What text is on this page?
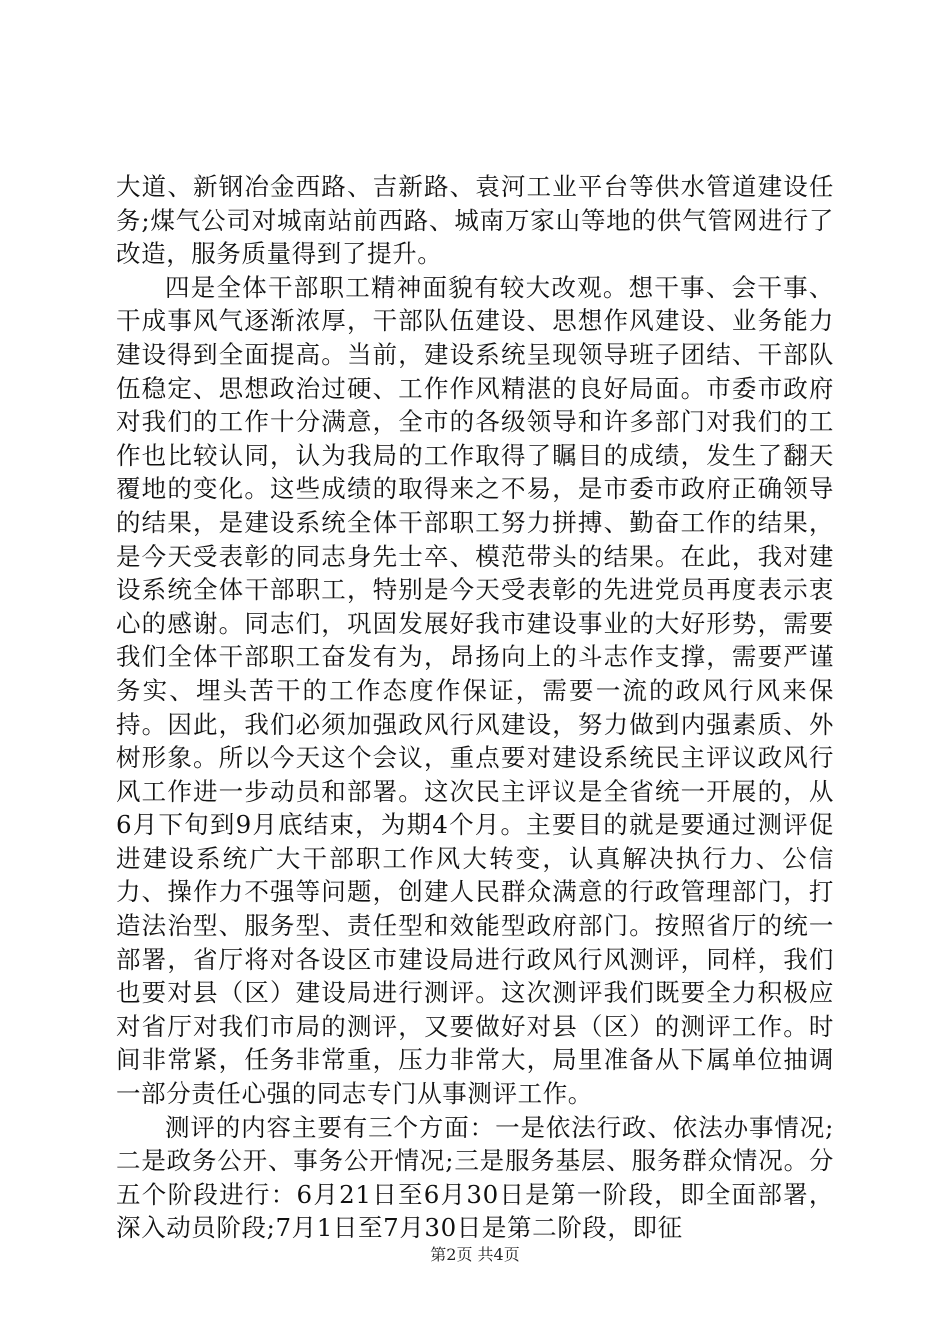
大道、新钢冶金西路、吉新路、袁河工业平台等供水管道建设任务;煤气公司对城南站前西路、城南万家山等地的供气管网进行了改造，服务质量得到了提升。

四是全体干部职工精神面貌有较大改观。想干事、会干事、干成事风气逐渐浓厚，干部队伍建设、思想作风建设、业务能力建设得到全面提高。当前，建设系统呈现领导班子团结、干部队伍稳定、思想政治过硬、工作作风精湛的良好局面。市委市政府对我们的工作十分满意，全市的各级领导和许多部门对我们的工作也比较认同，认为我局的工作取得了瞩目的成绩，发生了翻天覆地的变化。这些成绩的取得来之不易，是市委市政府正确领导的结果，是建设系统全体干部职工努力拼搏、勤奋工作的结果，是今天受表彰的同志身先士卒、模范带头的结果。在此，我对建设系统全体干部职工，特别是今天受表彰的先进党员再度表示衷心的感谢。同志们，巩固发展好我市建设事业的大好形势，需要我们全体干部职工奋发有为，昂扬向上的斗志作支撑，需要严谨务实、埋头苦干的工作态度作保证，需要一流的政风行风来保持。因此，我们必须加强政风行风建设，努力做到内强素质、外树形象。所以今天这个会议，重点要对建设系统民主评议政风行风工作进一步动员和部署。这次民主评议是全省统一开展的，从6月下旬到9月底结束，为期4个月。主要目的就是要通过测评促进建设系统广大干部职工作风大转变，认真解决执行力、公信力、操作力不强等问题，创建人民群众满意的行政管理部门，打造法治型、服务型、责任型和效能型政府部门。按照省厅的统一部署，省厅将对各设区市建设局进行政风行风测评，同样，我们也要对县（区）建设局进行测评。这次测评我们既要全力积极应对省厅对我们市局的测评，又要做好对县（区）的测评工作。时间非常紧，任务非常重，压力非常大，局里准备从下属单位抽调一部分责任心强的同志专门从事测评工作。

测评的内容主要有三个方面：一是依法行政、依法办事情况;二是政务公开、事务公开情况;三是服务基层、服务群众情况。分五个阶段进行：6月21日至6月30日是第一阶段，即全面部署，深入动员阶段;7月1日至7月30日是第二阶段，即征

第2页 共4页
